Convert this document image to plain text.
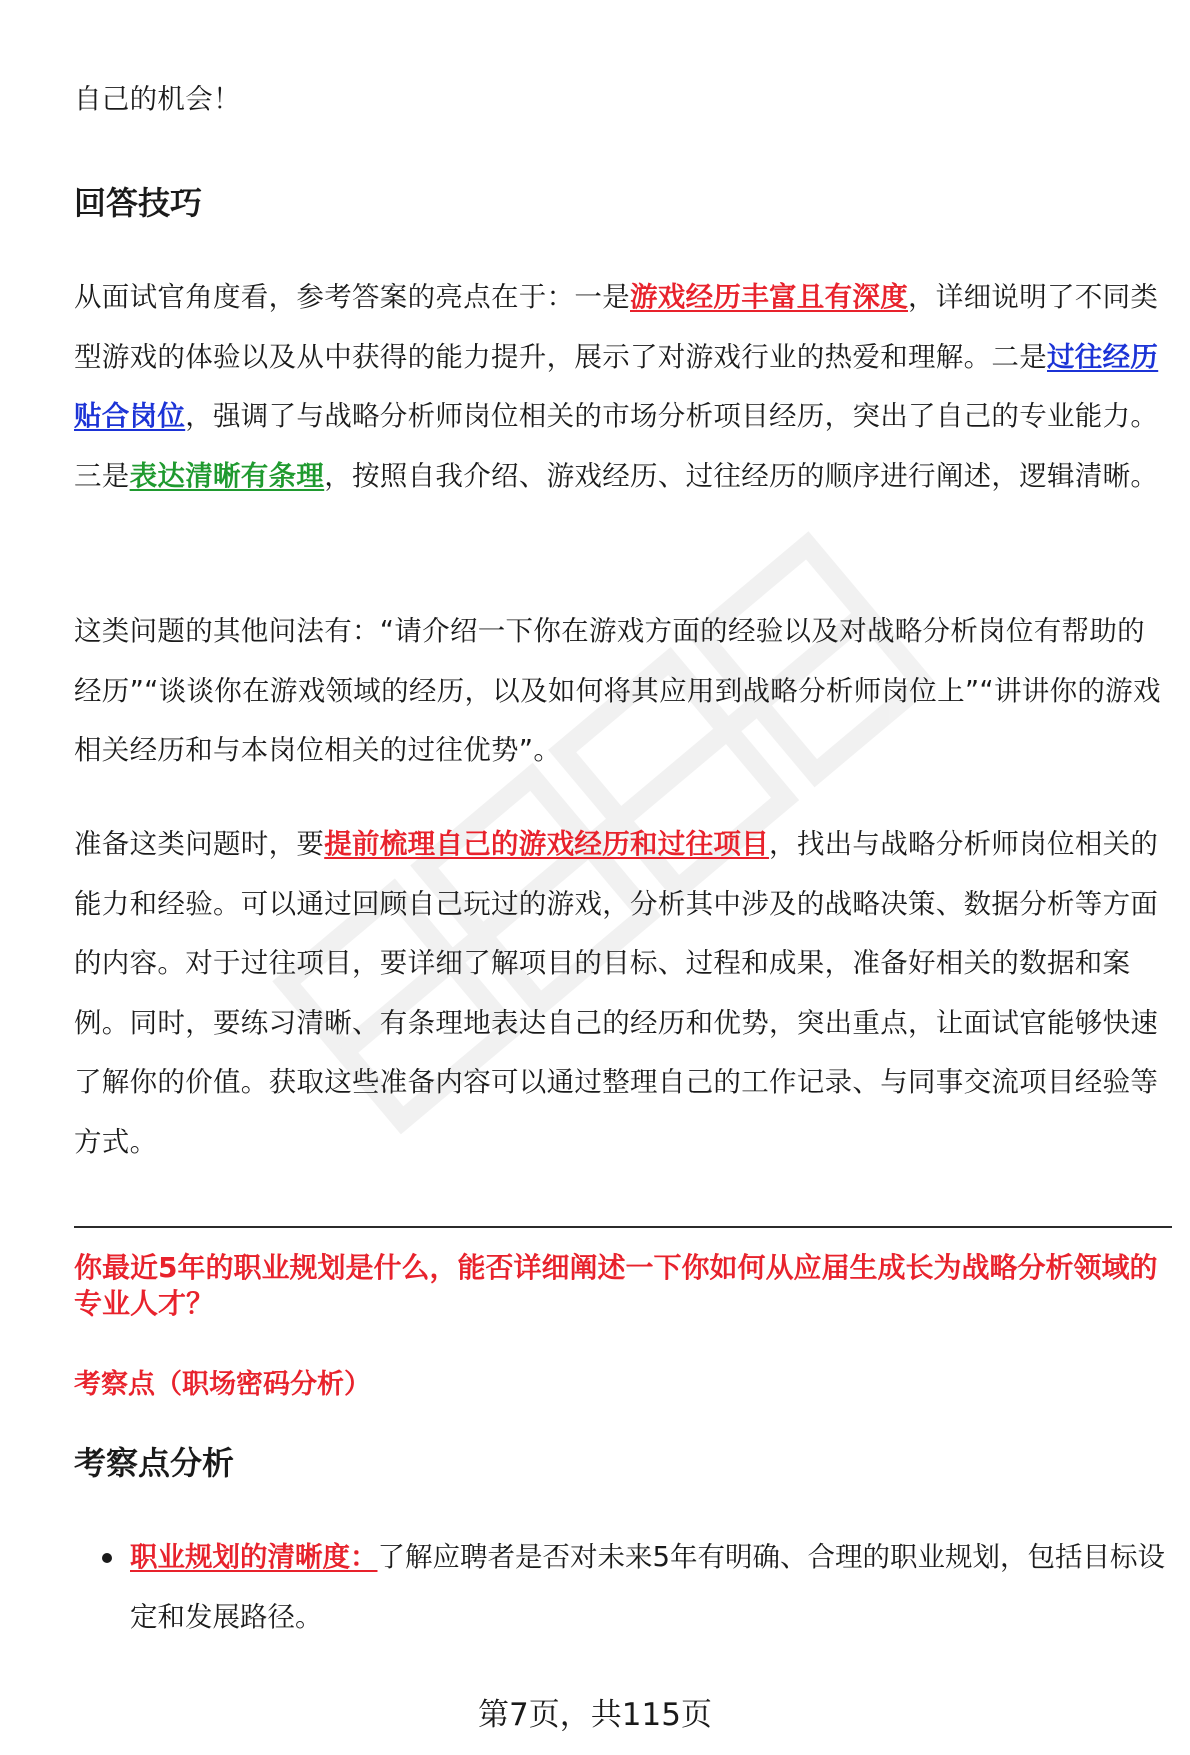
自己的机会！
回答技巧
从面试官角度看，参考答案的亮点在于：一是游戏经历丰富且有深度，详细说明了不同类型游戏的体验以及从中获得的能力提升，展示了对游戏行业的热爱和理解。二是过往经历贴合岗位，强调了与战略分析师岗位相关的市场分析项目经历，突出了自己的专业能力。三是表达清晰有条理，按照自我介绍、游戏经历、过往经历的顺序进行阐述，逻辑清晰。
这类问题的其他问法有：“请介绍一下你在游戏方面的经验以及对战略分析岗位有帮助的经历”“谈谈你在游戏领域的经历，以及如何将其应用到战略分析师岗位上”“讲讲你的游戏相关经历和与本岗位相关的过往优势”。
准备这类问题时，要提前梳理自己的游戏经历和过往项目，找出与战略分析师岗位相关的能力和经验。可以通过回顾自己玩过的游戏，分析其中涉及的战略决策、数据分析等方面的内容。对于过往项目，要详细了解项目的目标、过程和成果，准备好相关的数据和案例。同时，要练习清晰、有条理地表达自己的经历和优势，突出重点，让面试官能够快速了解你的价值。获取这些准备内容可以通过整理自己的工作记录、与同事交流项目经验等方式。
你最近5年的职业规划是什么，能否详细阐述一下你如何从应届生成长为战略分析领域的专业人才？
考察点（职场密码分析）
考察点分析
职业规划的清晰度：了解应聘者是否对未来5年有明确、合理的职业规划，包括目标设定和发展路径。
第7页，共115页
